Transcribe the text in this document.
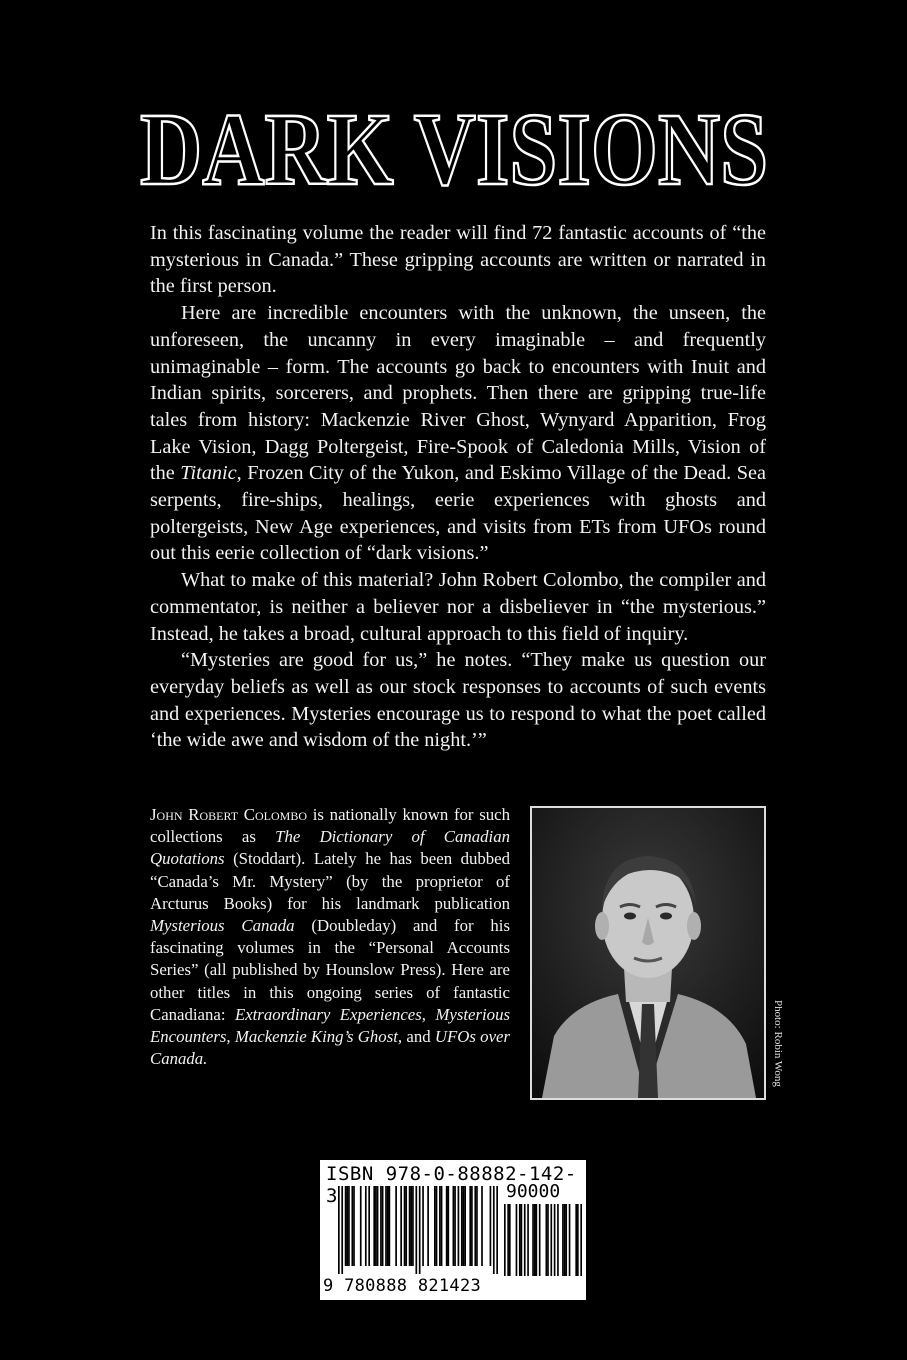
DARK VISIONS

In this fascinating volume the reader will find 72 fantastic accounts of “the mysterious in Canada.” These gripping accounts are written or narrated in the first person.

Here are incredible encounters with the unknown, the unseen, the unforeseen, the uncanny in every imaginable – and frequently unimaginable – form. The accounts go back to encounters with Inuit and Indian spirits, sorcerers, and prophets. Then there are gripping true-life tales from history: Mackenzie River Ghost, Wynyard Apparition, Frog Lake Vision, Dagg Poltergeist, Fire-Spook of Caledonia Mills, Vision of the Titanic, Frozen City of the Yukon, and Eskimo Village of the Dead. Sea serpents, fire-ships, healings, eerie experiences with ghosts and poltergeists, New Age experiences, and visits from ETs from UFOs round out this eerie collection of “dark visions.”

What to make of this material? John Robert Colombo, the compiler and commentator, is neither a believer nor a disbeliever in “the mysterious.” Instead, he takes a broad, cultural approach to this field of inquiry.

“Mysteries are good for us,” he notes. “They make us question our everyday beliefs as well as our stock responses to accounts of such events and experiences. Mysteries encourage us to respond to what the poet called ‘the wide awe and wisdom of the night.’”

John Robert Colombo is nationally known for such collections as The Dictionary of Canadian Quotations (Stoddart). Lately he has been dubbed “Canada’s Mr. Mystery” (by the proprietor of Arcturus Books) for his landmark publication Mysterious Canada (Doubleday) and for his fascinating volumes in the “Personal Accounts Series” (all published by Hounslow Press). Here are other titles in this ongoing series of fantastic Canadiana: Extraordinary Experiences, Mysterious Encounters, Mackenzie King’s Ghost, and UFOs over Canada.	Photo: Robin Wong
ISBN 978-0-88882-142-3	90000
9 780888 821423
